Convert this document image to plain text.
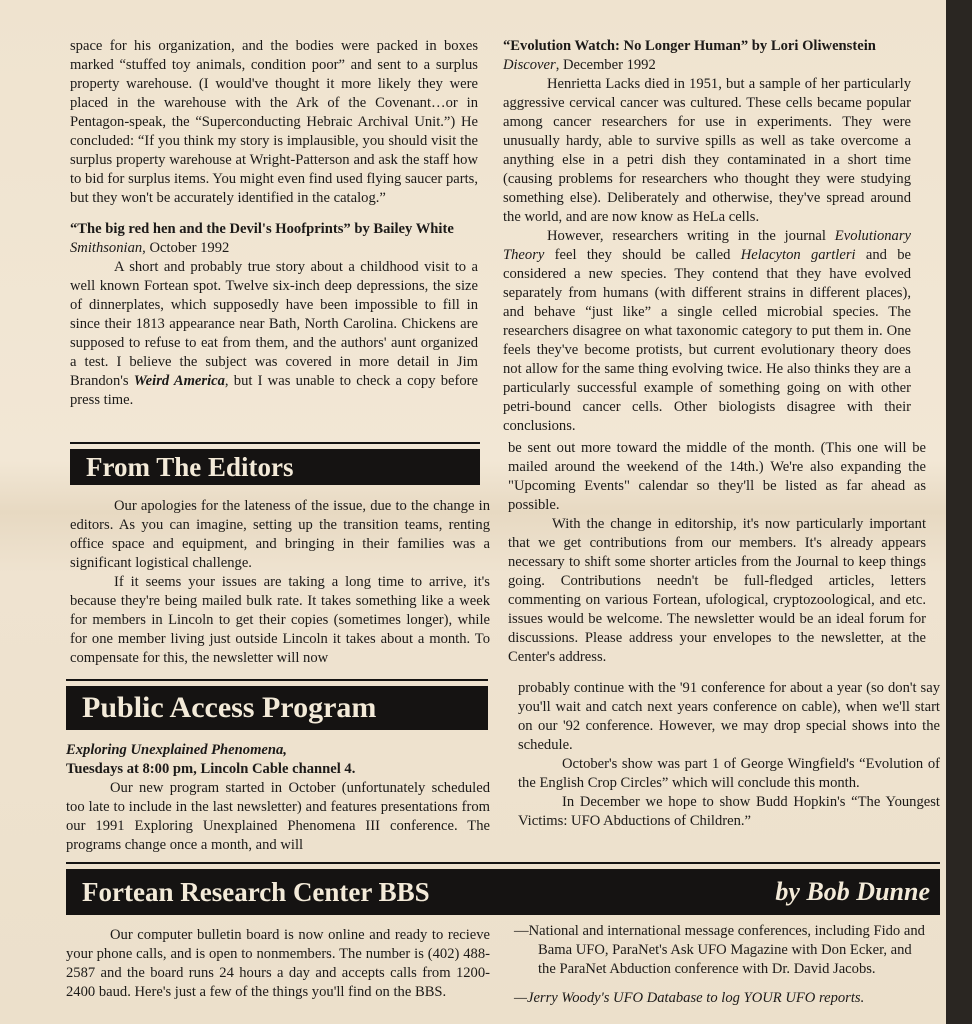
space for his organization, and the bodies were packed in boxes marked “stuffed toy animals, condition poor” and sent to a surplus property warehouse. (I would've thought it more likely they were placed in the warehouse with the Ark of the Covenant…or in Pentagon-speak, the “Superconducting Hebraic Archival Unit.”) He concluded: “If you think my story is implausible, you should visit the surplus property warehouse at Wright-Patterson and ask the staff how to bid for surplus items. You might even find used flying saucer parts, but they won't be accurately identified in the catalog.”

“The big red hen and the Devil's Hoofprints” by Bailey White

Smithsonian, October 1992

A short and probably true story about a childhood visit to a well known Fortean spot. Twelve six-inch deep depressions, the size of dinnerplates, which supposedly have been impossible to fill in since their 1813 appearance near Bath, North Carolina. Chickens are supposed to refuse to eat from them, and the authors' aunt organized a test. I believe the subject was covered in more detail in Jim Brandon's Weird America, but I was unable to check a copy before press time.

“Evolution Watch: No Longer Human” by Lori Oliwenstein

Discover, December 1992

Henrietta Lacks died in 1951, but a sample of her particularly aggressive cervical cancer was cultured. These cells became popular among cancer researchers for use in experiments. They were unusually hardy, able to survive spills as well as take overcome a anything else in a petri dish they contaminated in a short time (causing problems for researchers who thought they were studying something else). Deliberately and otherwise, they've spread around the world, and are now know as HeLa cells.

However, researchers writing in the journal Evolutionary Theory feel they should be called Helacyton gartleri and be considered a new species. They contend that they have evolved separately from humans (with different strains in different places), and behave “just like” a single celled microbial species. The researchers disagree on what taxonomic category to put them in. One feels they've become protists, but current evolutionary theory does not allow for the same thing evolving twice. He also thinks they are a particularly successful example of something going on with other petri-bound cancer cells. Other biologists disagree with their conclusions.

From The Editors

Our apologies for the lateness of the issue, due to the change in editors. As you can imagine, setting up the transition teams, renting office space and equipment, and bringing in their families was a significant logistical challenge.

If it seems your issues are taking a long time to arrive, it's because they're being mailed bulk rate. It takes something like a week for members in Lincoln to get their copies (sometimes longer), while for one member living just outside Lincoln it takes about a month. To compensate for this, the newsletter will now

be sent out more toward the middle of the month. (This one will be mailed around the weekend of the 14th.) We're also expanding the "Upcoming Events" calendar so they'll be listed as far ahead as possible.

With the change in editorship, it's now particularly important that we get contributions from our members. It's already appears necessary to shift some shorter articles from the Journal to keep things going. Contributions needn't be full-fledged articles, letters commenting on various Fortean, ufological, cryptozoological, and etc. issues would be welcome. The newsletter would be an ideal forum for discussions. Please address your envelopes to the newsletter, at the Center's address.

Public Access Program

Exploring Unexplained Phenomena,

Tuesdays at 8:00 pm, Lincoln Cable channel 4.

Our new program started in October (unfortunately scheduled too late to include in the last newsletter) and features presentations from our 1991 Exploring Unexplained Phenomena III conference. The programs change once a month, and will

probably continue with the '91 conference for about a year (so don't say you'll wait and catch next years conference on cable), when we'll start on our '92 conference. However, we may drop special shows into the schedule.

October's show was part 1 of George Wingfield's “Evolution of the English Crop Circles” which will conclude this month.

In December we hope to show Budd Hopkin's “The Youngest Victims: UFO Abductions of Children.”

Fortean Research Center BBS	by Bob Dunne

Our computer bulletin board is now online and ready to recieve your phone calls, and is open to nonmembers. The number is (402) 488-2587 and the board runs 24 hours a day and accepts calls from 1200-2400 baud. Here's just a few of the things you'll find on the BBS.

—National and international message conferences, including Fido and Bama UFO, ParaNet's Ask UFO Magazine with Don Ecker, and the ParaNet Abduction conference with Dr. David Jacobs.

—Jerry Woody's UFO Database to log YOUR UFO reports.
